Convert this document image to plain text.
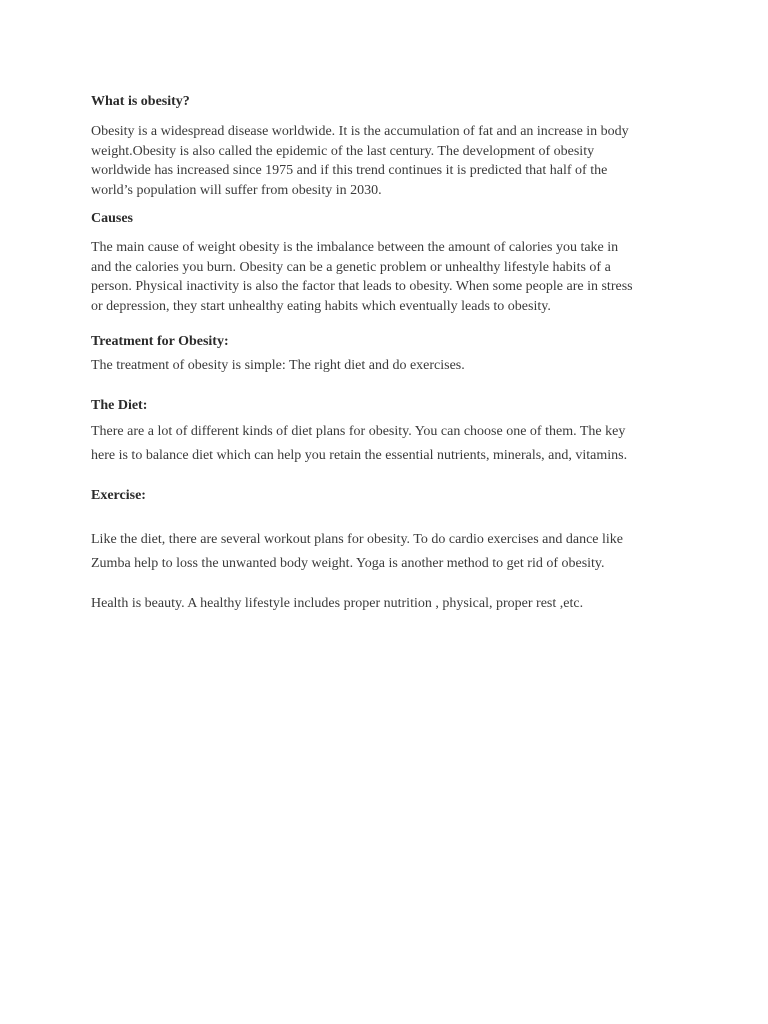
What is obesity?

Obesity is a widespread disease worldwide. It is the accumulation of fat and an increase in body
weight.Obesity is also called the epidemic of the last century. The development of obesity
worldwide has increased since 1975 and if this trend continues it is predicted that half of the
world’s population will suffer from obesity in 2030.

Causes

The main cause of weight obesity is the imbalance between the amount of calories you take in
and the calories you burn. Obesity can be a genetic problem or unhealthy lifestyle habits of a
person. Physical inactivity is also the factor that leads to obesity. When some people are in stress
or depression, they start unhealthy eating habits which eventually leads to obesity.

Treatment for Obesity:

The treatment of obesity is simple: The right diet and do exercises.

The Diet:

There are a lot of different kinds of diet plans for obesity. You can choose one of them. The key
here is to balance diet which can help you retain the essential nutrients, minerals, and, vitamins.

Exercise:

Like the diet, there are several workout plans for obesity. To do cardio exercises and dance like
Zumba help to loss the unwanted body weight. Yoga is another method to get rid of obesity.

Health is beauty. A healthy lifestyle includes proper nutrition , physical, proper rest ,etc.
